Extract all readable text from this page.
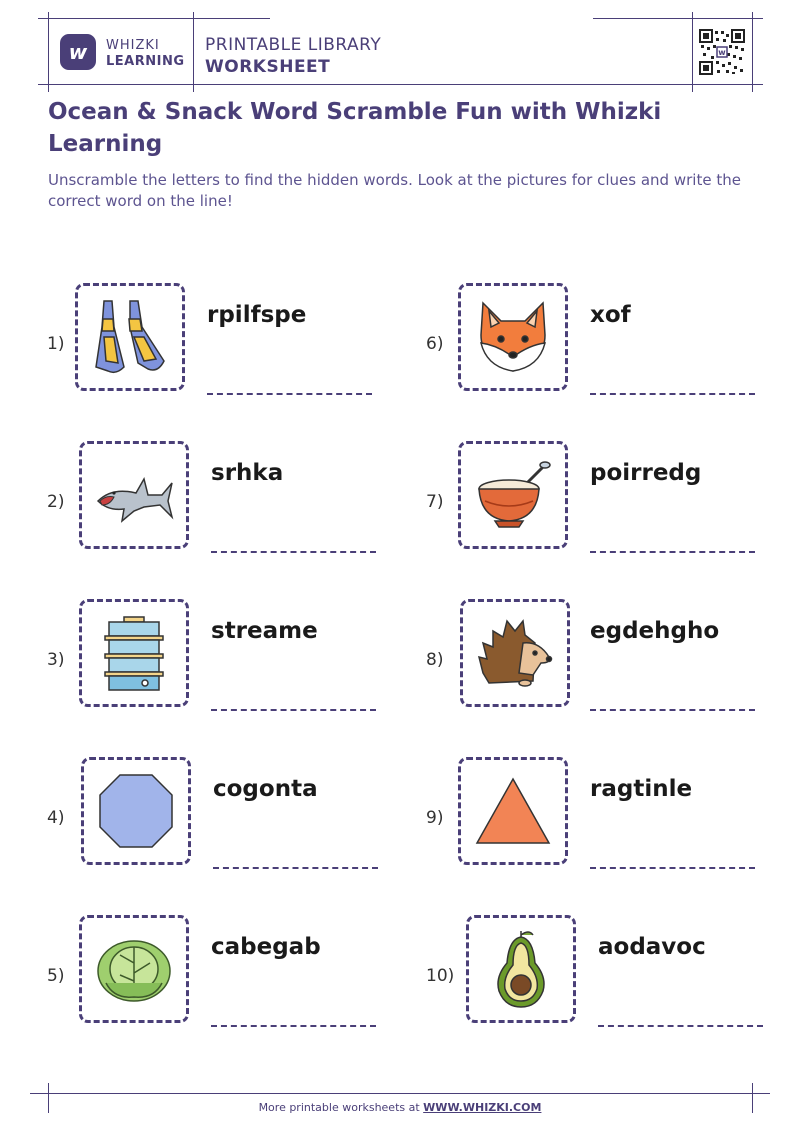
w WHIZKI
LEARNING
PRINTABLE LIBRARY
WORKSHEET
w
Ocean & Snack Word Scramble Fun with Whizki Learning
Unscramble the letters to find the hidden words. Look at the pictures for clues and write the correct word on the line!
1)
rpilfspe
2)
srhka
3)
streame
4)
cogonta
5)
cabegab
6)
xof
7)
poirredg
8)
egdehgho
9)
ragtinle
10)
aodavoc
More printable worksheets at WWW.WHIZKI.COM
